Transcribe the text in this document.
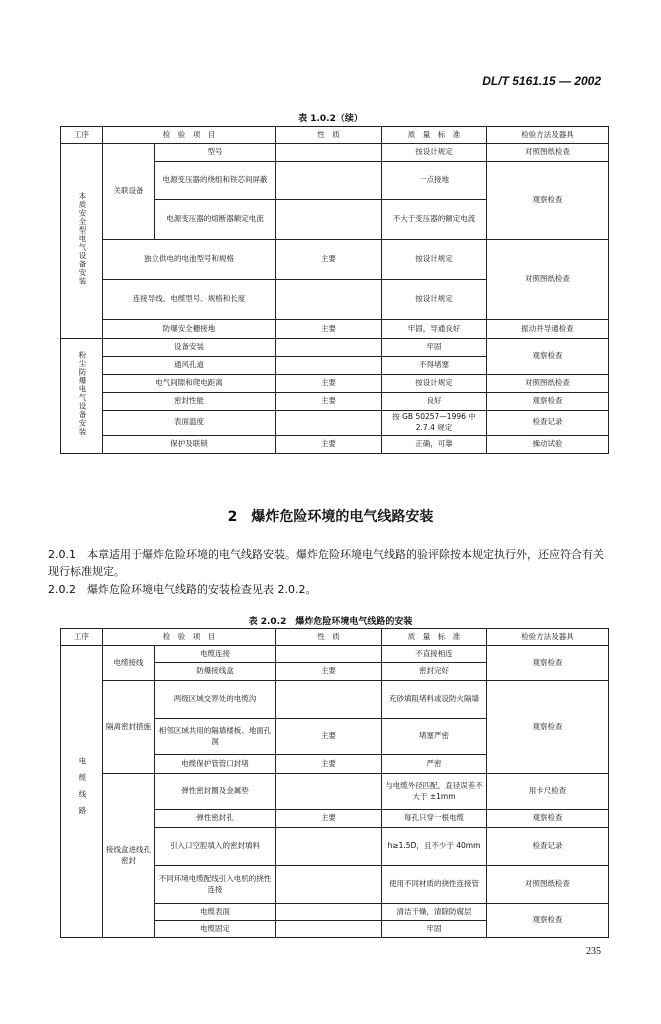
DL/T 5161.15 — 2002
表 1.0.2（续）
工序	检　验　项　目		性　质	质　量　标　准	检验方法及器具
本质安全型电气设备安装	关联设备	型号		按设计规定	对照图纸检查
		电源变压器的绕组和铁芯间屏蔽		一点接地	观察检查
		电源变压器的熔断器额定电流		不大于变压器的额定电流	
	独立供电的电池型号和规格		主要	按设计规定	对照图纸检查
	连接导线、电缆型号、规格和长度			按设计规定	
	防爆安全栅接地		主要	牢固，导通良好	振动并导通检查
粉尘防爆电气设备安装	设备安装			牢固	观察检查
	通风孔道			不得堵塞	
	电气间隙和爬电距离		主要	按设计规定	对照图纸检查
	密封性能		主要	良好	观察检查
	表面温度			按 GB 50257—1996 中 2.7.4 规定	检查记录
	保护及联锁		主要	正确，可靠	操动试验
2　爆炸危险环境的电气线路安装

2.0.1　本章适用于爆炸危险环境的电气线路安装。爆炸危险环境电气线路的验评除按本规定执行外，还应符合有关现行标准规定。

2.0.2　爆炸危险环境电气线路的安装检查见表 2.0.2。

表 2.0.2　爆炸危险环境电气线路的安装
工序	检　验　项　目		性　质	质　量　标　准	检验方法及器具
电缆线路	电缆接线	电缆连接		不直接相连	观察检查
		防爆接线盒	主要	密封完好	
	隔离密封措施	两级区域交界处的电缆沟		充砂填阻堵料或设防火隔墙	观察检查
		相邻区域共用的隔墙楼板、地面孔洞	主要	堵塞严密	
		电缆保护管管口封堵	主要	严密	
	接线盒进线孔密封	弹性密封圈及金属垫		与电缆外径匹配，直径误差不大于 ±1mm	用卡尺检查
		弹性密封孔	主要	每孔只穿一根电缆	观察检查
		引入口空腔填入的密封填料		h≥1.5D，且不少于 40mm	检查记录
		不同环境电缆配线引入电机的挠性连接		使用不同材质的挠性连接管	对照图纸检查
		电缆表面		清洁干燥，清除防腐层	观察检查
		电缆固定		牢固	
235
